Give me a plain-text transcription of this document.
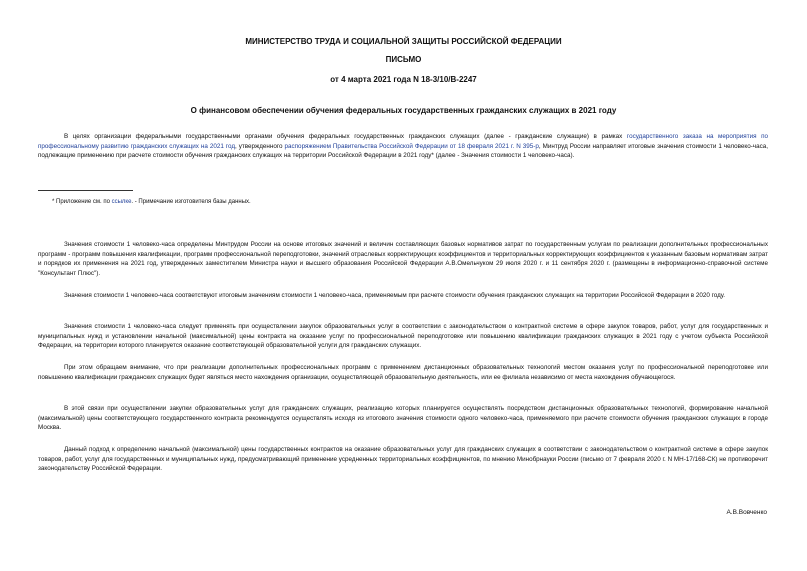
МИНИСТЕРСТВО ТРУДА И СОЦИАЛЬНОЙ ЗАЩИТЫ РОССИЙСКОЙ ФЕДЕРАЦИИ
ПИСЬМО
от 4 марта 2021 года N 18-3/10/В-2247
О финансовом обеспечении обучения федеральных государственных гражданских служащих в 2021 году

В целях организации федеральными государственными органами обучения федеральных государственных гражданских служащих (далее - гражданские служащие) в рамках государственного заказа на мероприятия по профессиональному развитию гражданских служащих на 2021 год, утвержденного распоряжением Правительства Российской Федерации от 18 февраля 2021 г. N 395-р, Минтруд России направляет итоговые значения стоимости 1 человеко-часа, подлежащие применению при расчете стоимости обучения гражданских служащих на территории Российской Федерации в 2021 году* (далее - Значения стоимости 1 человеко-часа).

* Приложение см. по ссылке. - Примечание изготовителя базы данных.

Значения стоимости 1 человеко-часа определены Минтрудом России на основе итоговых значений и величин составляющих базовых нормативов затрат по государственным услугам по реализации дополнительных профессиональных программ - программ повышения квалификации, программ профессиональной переподготовки, значений отраслевых корректирующих коэффициентов и территориальных корректирующих коэффициентов к указанным базовым нормативам затрат и порядков их применения на 2021 год, утвержденных заместителем Министра науки и высшего образования Российской Федерации А.В.Омельчуком 29 июля 2020 г. и 11 сентября 2020 г. (размещены в информационно-справочной системе "Консультант Плюс").

Значения стоимости 1 человеко-часа соответствуют итоговым значениям стоимости 1 человеко-часа, применяемым при расчете стоимости обучения гражданских служащих на территории Российской Федерации в 2020 году.

Значения стоимости 1 человеко-часа следует применять при осуществлении закупок образовательных услуг в соответствии с законодательством о контрактной системе в сфере закупок товаров, работ, услуг для государственных и муниципальных нужд и установлении начальной (максимальной) цены контракта на оказание услуг по профессиональной переподготовке или повышению квалификации гражданских служащих в 2021 году с учетом субъекта Российской Федерации, на территории которого планируется оказание соответствующей образовательной услуги для гражданских служащих.

При этом обращаем внимание, что при реализации дополнительных профессиональных программ с применением дистанционных образовательных технологий местом оказания услуг по профессиональной переподготовке или повышению квалификации гражданских служащих будет являться место нахождения организации, осуществляющей образовательную деятельность, или ее филиала независимо от места нахождения обучающегося.

В этой связи при осуществлении закупки образовательных услуг для гражданских служащих, реализацию которых планируется осуществлять посредством дистанционных образовательных технологий, формирование начальной (максимальной) цены соответствующего государственного контракта рекомендуется осуществлять исходя из итогового значения стоимости одного человеко-часа, применяемого при расчете стоимости обучения гражданских служащих в городе Москва.

Данный подход к определению начальной (максимальной) цены государственных контрактов на оказание образовательных услуг для гражданских служащих в соответствии с законодательством о контрактной системе в сфере закупок товаров, работ, услуг для государственных и муниципальных нужд, предусматривающий применение усредненных территориальных коэффициентов, по мнению Минобрнауки России (письмо от 7 февраля 2020 г. N МН-17/168-СК) не противоречит законодательству Российской Федерации.

А.В.Вовченко
